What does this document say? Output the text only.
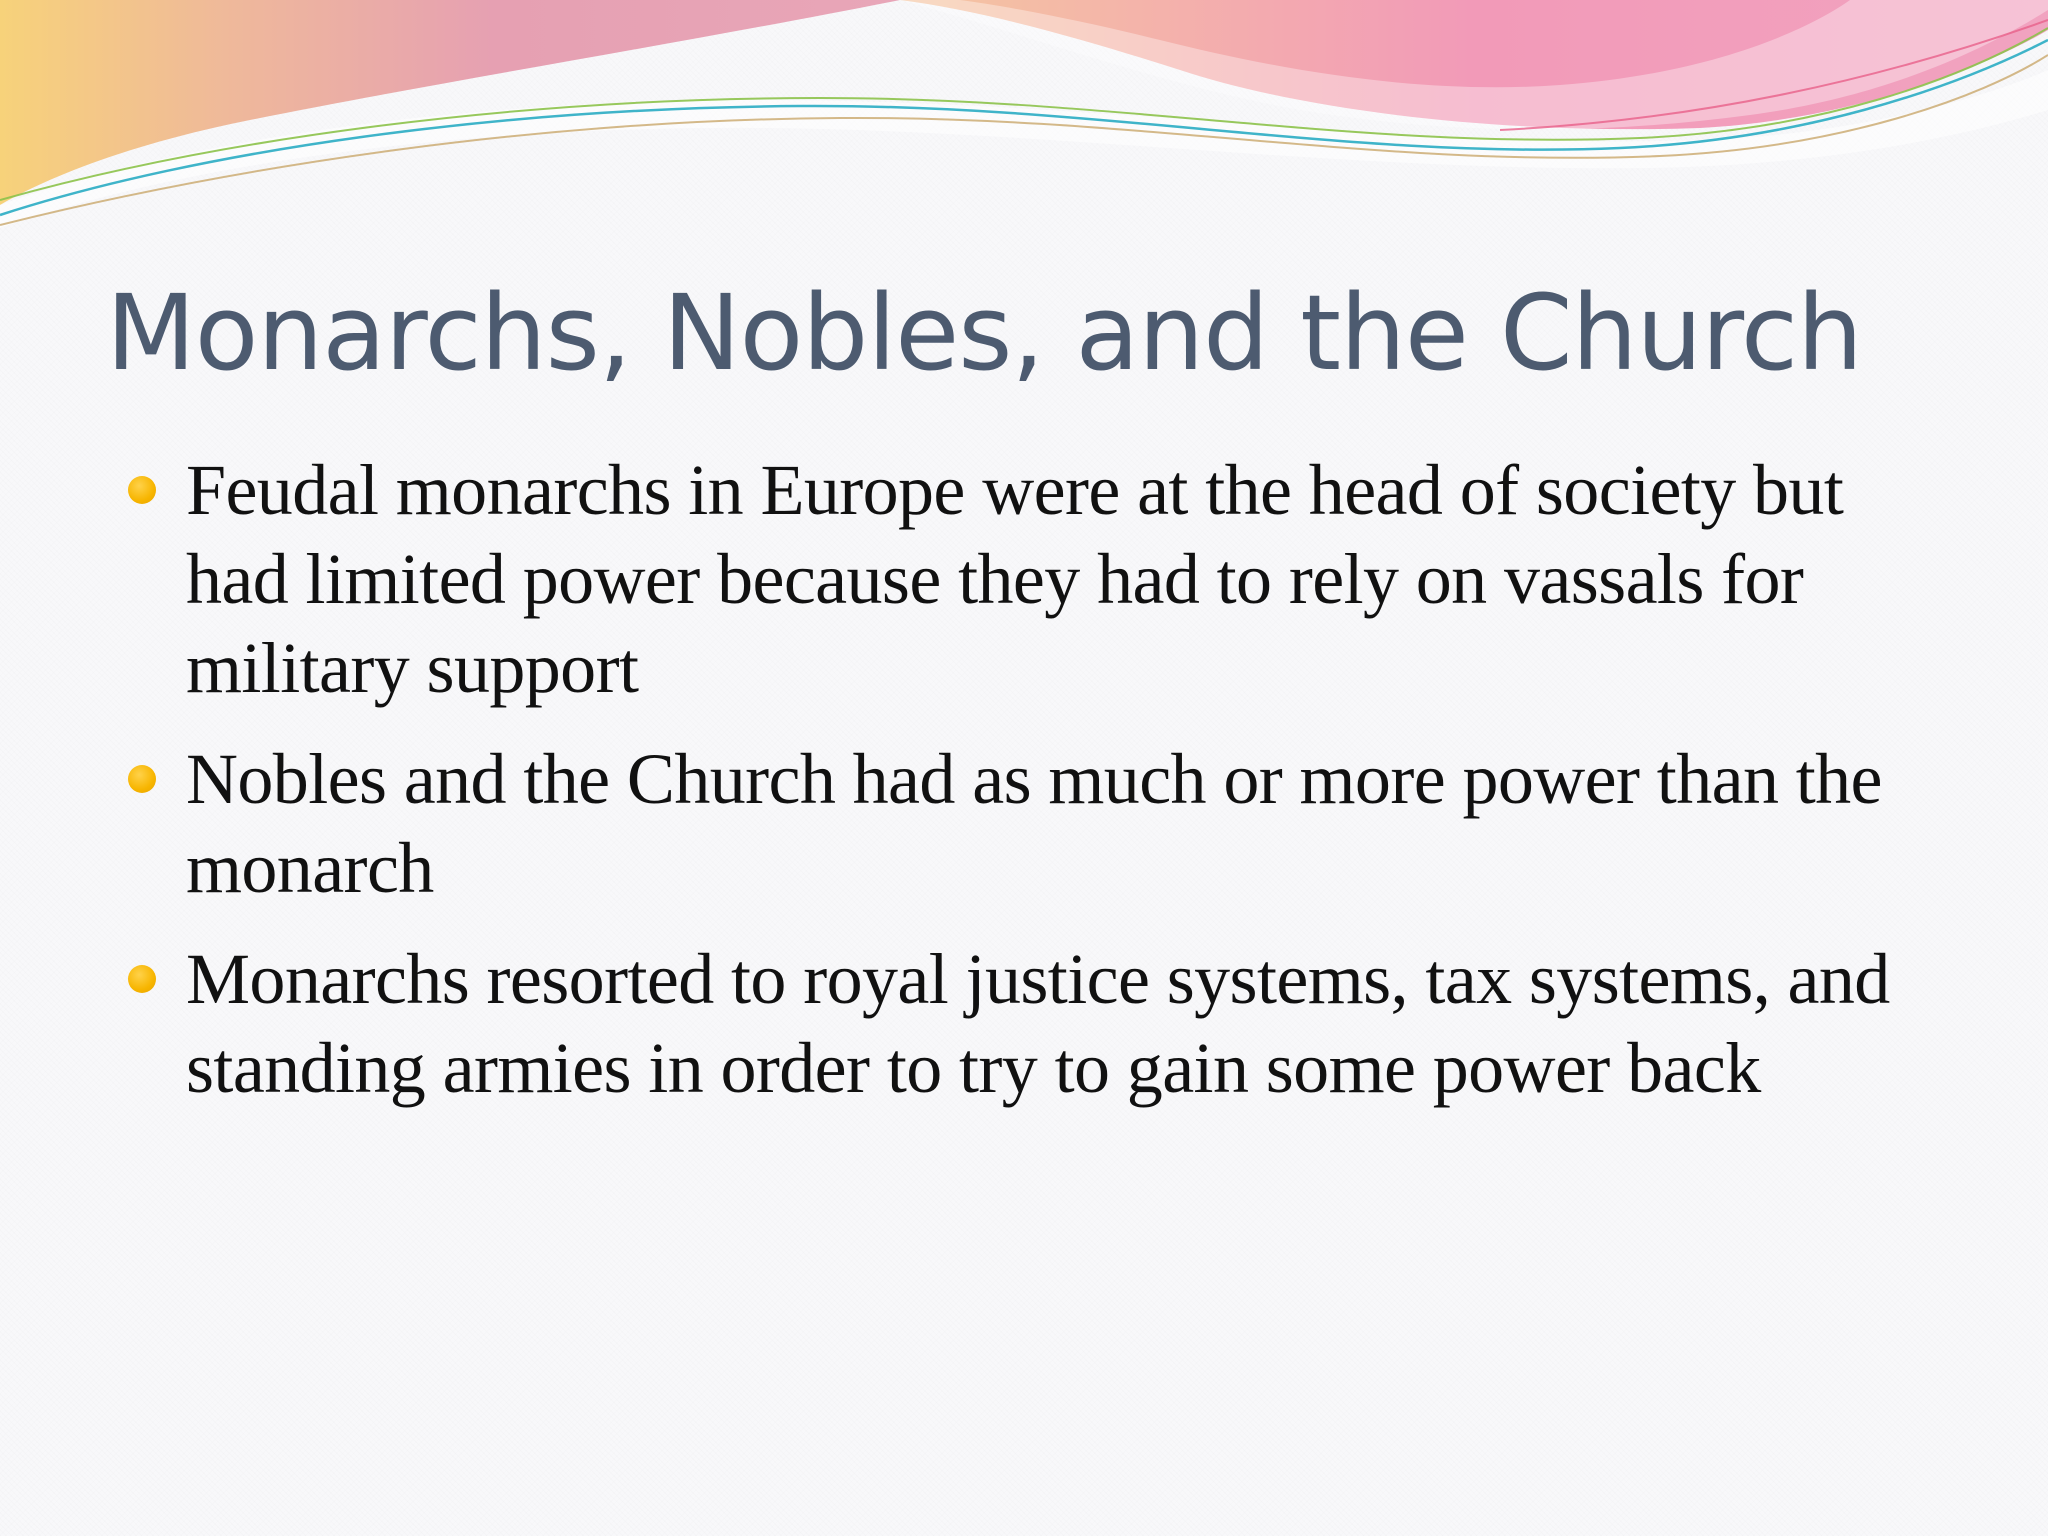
Monarchs, Nobles, and the Church
Feudal monarchs in Europe were at the head of society but had limited power because they had to rely on vassals for military support
Nobles and the Church had as much or more power than the monarch
Monarchs resorted to royal justice systems, tax systems, and standing armies in order to try to gain some power back
